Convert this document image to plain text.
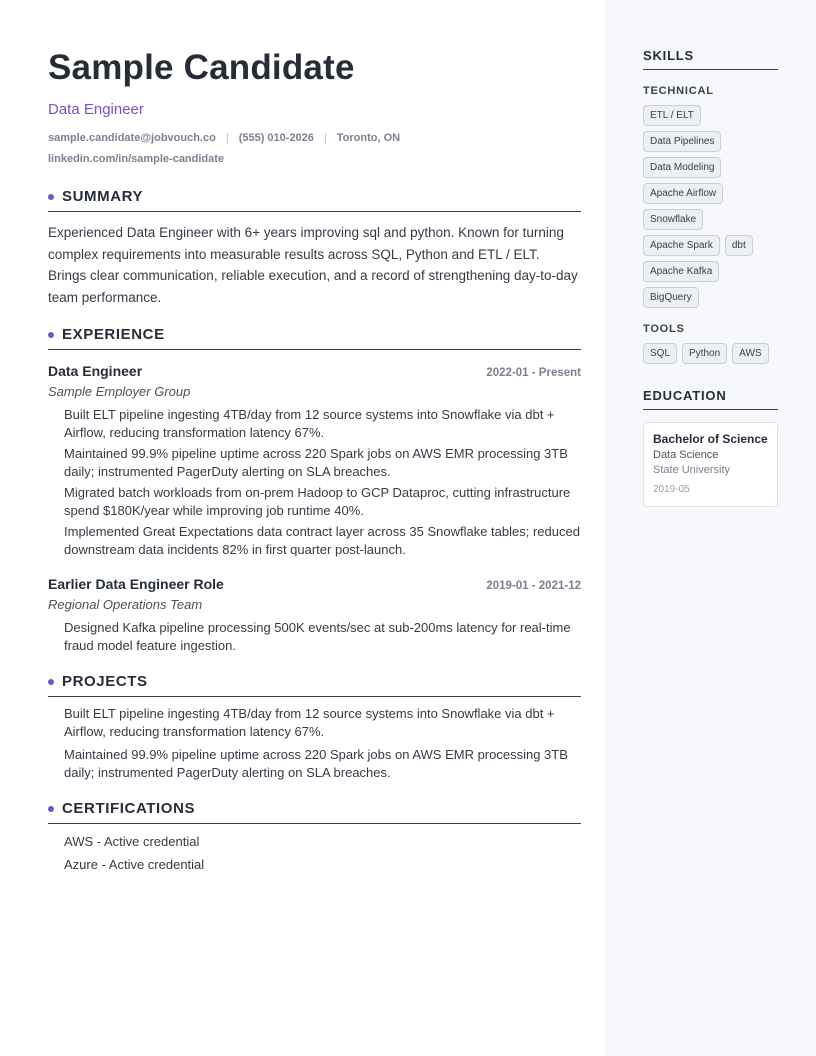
Sample Candidate
Data Engineer
sample.candidate@jobvouch.co | (555) 010-2026 | Toronto, ON
linkedin.com/in/sample-candidate
SUMMARY

Experienced Data Engineer with 6+ years improving sql and python. Known for turning complex requirements into measurable results across SQL, Python and ETL / ELT. Brings clear communication, reliable execution, and a record of strengthening day-to-day team performance.

EXPERIENCE
Data Engineer	2022-01 - Present
Sample Employer Group
Built ELT pipeline ingesting 4TB/day from 12 source systems into Snowflake via dbt + Airflow, reducing transformation latency 67%.
Maintained 99.9% pipeline uptime across 220 Spark jobs on AWS EMR processing 3TB daily; instrumented PagerDuty alerting on SLA breaches.
Migrated batch workloads from on-prem Hadoop to GCP Dataproc, cutting infrastructure spend $180K/year while improving job runtime 40%.
Implemented Great Expectations data contract layer across 35 Snowflake tables; reduced downstream data incidents 82% in first quarter post-launch.
Earlier Data Engineer Role	2019-01 - 2021-12
Regional Operations Team
Designed Kafka pipeline processing 500K events/sec at sub-200ms latency for real-time fraud model feature ingestion.
PROJECTS
Built ELT pipeline ingesting 4TB/day from 12 source systems into Snowflake via dbt + Airflow, reducing transformation latency 67%.
Maintained 99.9% pipeline uptime across 220 Spark jobs on AWS EMR processing 3TB daily; instrumented PagerDuty alerting on SLA breaches.
CERTIFICATIONS
AWS - Active credential
Azure - Active credential
SKILLS
TECHNICAL
ETL / ELT
Data Pipelines
Data Modeling
Apache Airflow
Snowflake
Apache Spark	dbt
Apache Kafka
BigQuery
TOOLS
SQL	Python	AWS
EDUCATION
Bachelor of Science
Data Science
State University
2019-05
